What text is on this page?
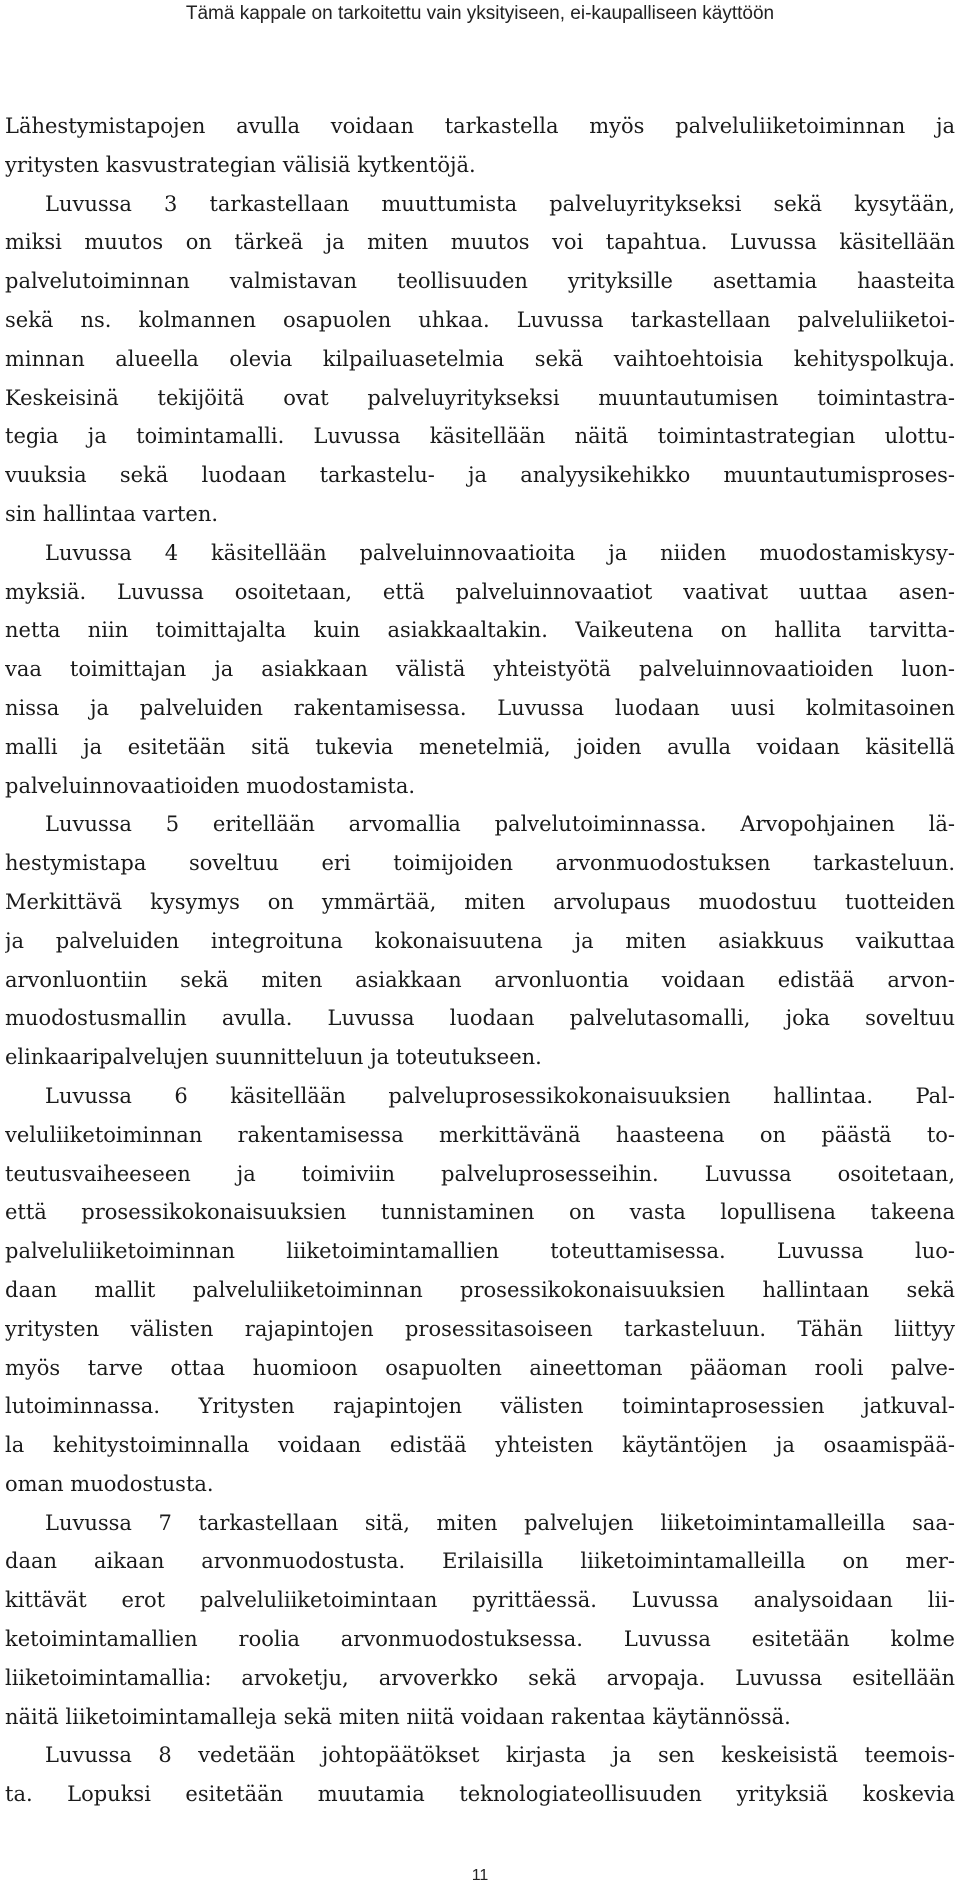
Tämä kappale on tarkoitettu vain yksityiseen, ei-kaupalliseen käyttöön
Lähestymistapojen avulla voidaan tarkastella myös palveluliiketoiminnan ja
yritysten kasvustrategian välisiä kytkentöjä.
Luvussa 3 tarkastellaan muuttumista palveluyritykseksi sekä kysytään,
miksi muutos on tärkeä ja miten muutos voi tapahtua. Luvussa käsitellään
palvelutoiminnan valmistavan teollisuuden yrityksille asettamia haasteita
sekä ns. kolmannen osapuolen uhkaa. Luvussa tarkastellaan palveluliiketoi-
minnan alueella olevia kilpailuasetelmia sekä vaihtoehtoisia kehityspolkuja.
Keskeisinä tekijöitä ovat palveluyritykseksi muuntautumisen toimintastra-
tegia ja toimintamalli. Luvussa käsitellään näitä toimintastrategian ulottu-
vuuksia sekä luodaan tarkastelu- ja analyysikehikko muuntautumisproses-
sin hallintaa varten.
Luvussa 4 käsitellään palveluinnovaatioita ja niiden muodostamiskysy-
myksiä. Luvussa osoitetaan, että palveluinnovaatiot vaativat uuttaa asen-
netta niin toimittajalta kuin asiakkaaltakin. Vaikeutena on hallita tarvitta-
vaa toimittajan ja asiakkaan välistä yhteistyötä palveluinnovaatioiden luon-
nissa ja palveluiden rakentamisessa. Luvussa luodaan uusi kolmitasoinen
malli ja esitetään sitä tukevia menetelmiä, joiden avulla voidaan käsitellä
palveluinnovaatioiden muodostamista.
Luvussa 5 eritellään arvomallia palvelutoiminnassa. Arvopohjainen lä-
hestymistapa soveltuu eri toimijoiden arvonmuodostuksen tarkasteluun.
Merkittävä kysymys on ymmärtää, miten arvolupaus muodostuu tuotteiden
ja palveluiden integroituna kokonaisuutena ja miten asiakkuus vaikuttaa
arvonluontiin sekä miten asiakkaan arvonluontia voidaan edistää arvon-
muodostusmallin avulla. Luvussa luodaan palvelutasomalli, joka soveltuu
elinkaaripalvelujen suunnitteluun ja toteutukseen.
Luvussa 6 käsitellään palveluprosessikokonaisuuksien hallintaa. Pal-
veluliiketoiminnan rakentamisessa merkittävänä haasteena on päästä to-
teutusvaiheeseen ja toimiviin palveluprosesseihin. Luvussa osoitetaan,
että prosessikokonaisuuksien tunnistaminen on vasta lopullisena takeena
palveluliiketoiminnan liiketoimintamallien toteuttamisessa. Luvussa luo-
daan mallit palveluliiketoiminnan prosessikokonaisuuksien hallintaan sekä
yritysten välisten rajapintojen prosessitasoiseen tarkasteluun. Tähän liittyy
myös tarve ottaa huomioon osapuolten aineettoman pääoman rooli palve-
lutoiminnassa. Yritysten rajapintojen välisten toimintaprosessien jatkuval-
la kehitystoiminnalla voidaan edistää yhteisten käytäntöjen ja osaamispää-
oman muodostusta.
Luvussa 7 tarkastellaan sitä, miten palvelujen liiketoimintamalleilla saa-
daan aikaan arvonmuodostusta. Erilaisilla liiketoimintamalleilla on mer-
kittävät erot palveluliiketoimintaan pyrittäessä. Luvussa analysoidaan lii-
ketoimintamallien roolia arvonmuodostuksessa. Luvussa esitetään kolme
liiketoimintamallia: arvoketju, arvoverkko sekä arvopaja. Luvussa esitellään
näitä liiketoimintamalleja sekä miten niitä voidaan rakentaa käytännössä.
Luvussa 8 vedetään johtopäätökset kirjasta ja sen keskeisistä teemois-
ta. Lopuksi esitetään muutamia teknologiateollisuuden yrityksiä koskevia
11
